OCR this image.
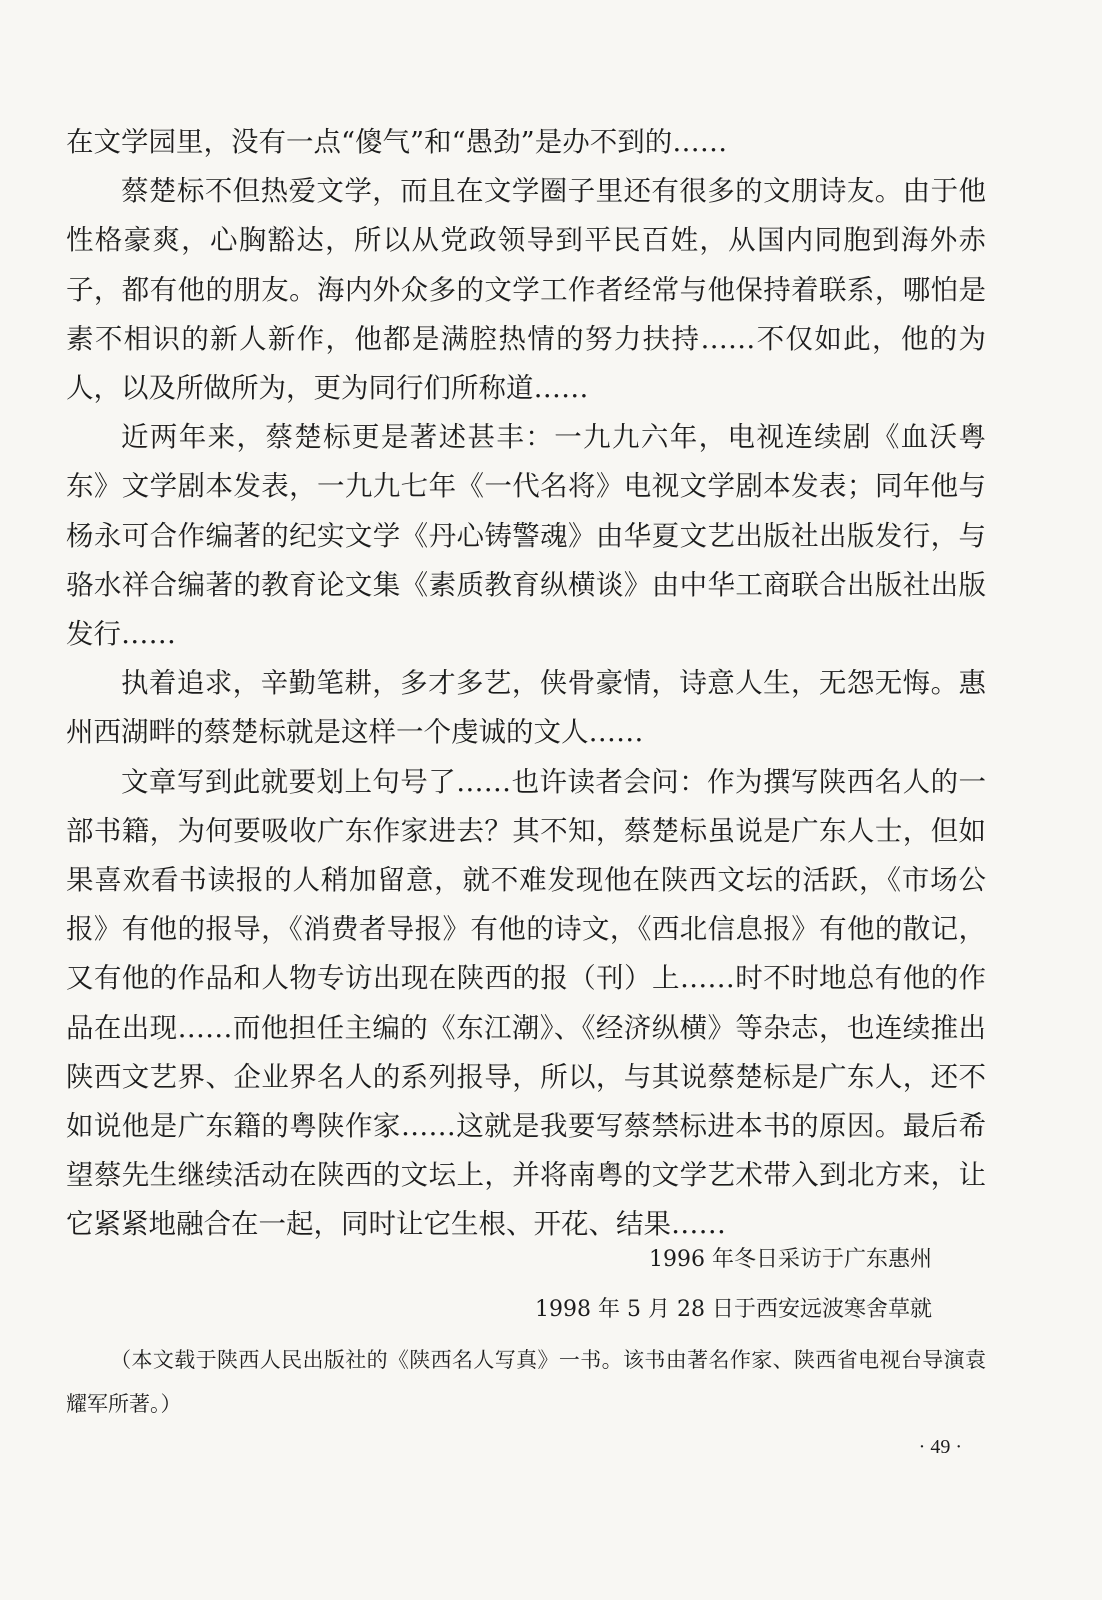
在文学园里，没有一点“傻气”和“愚劲”是办不到的……

蔡楚标不但热爱文学，而且在文学圈子里还有很多的文朋诗友。由于他性格豪爽，心胸豁达，所以从党政领导到平民百姓，从国内同胞到海外赤子，都有他的朋友。海内外众多的文学工作者经常与他保持着联系，哪怕是素不相识的新人新作，他都是满腔热情的努力扶持……不仅如此，他的为人，以及所做所为，更为同行们所称道……

近两年来，蔡楚标更是著述甚丰：一九九六年，电视连续剧《血沃粤东》文学剧本发表，一九九七年《一代名将》电视文学剧本发表；同年他与杨永可合作编著的纪实文学《丹心铸警魂》由华夏文艺出版社出版发行，与骆水祥合编著的教育论文集《素质教育纵横谈》由中华工商联合出版社出版发行……

执着追求，辛勤笔耕，多才多艺，侠骨豪情，诗意人生，无怨无悔。惠州西湖畔的蔡楚标就是这样一个虔诚的文人……

文章写到此就要划上句号了……也许读者会问：作为撰写陕西名人的一部书籍，为何要吸收广东作家进去？其不知，蔡楚标虽说是广东人士，但如果喜欢看书读报的人稍加留意，就不难发现他在陕西文坛的活跃，《市场公报》有他的报导，《消费者导报》有他的诗文，《西北信息报》有他的散记，又有他的作品和人物专访出现在陕西的报（刊）上……时不时地总有他的作品在出现……而他担任主编的《东江潮》、《经济纵横》等杂志，也连续推出陕西文艺界、企业界名人的系列报导，所以，与其说蔡楚标是广东人，还不如说他是广东籍的粤陕作家……这就是我要写蔡禁标进本书的原因。最后希望蔡先生继续活动在陕西的文坛上，并将南粤的文学艺术带入到北方来，让它紧紧地融合在一起，同时让它生根、开花、结果……

1996 年冬日采访于广东惠州
1998 年 5 月 28 日于西安远波寒舍草就
（本文载于陕西人民出版社的《陕西名人写真》一书。该书由著名作家、陕西省电视台导演袁耀军所著。）
· 49 ·
